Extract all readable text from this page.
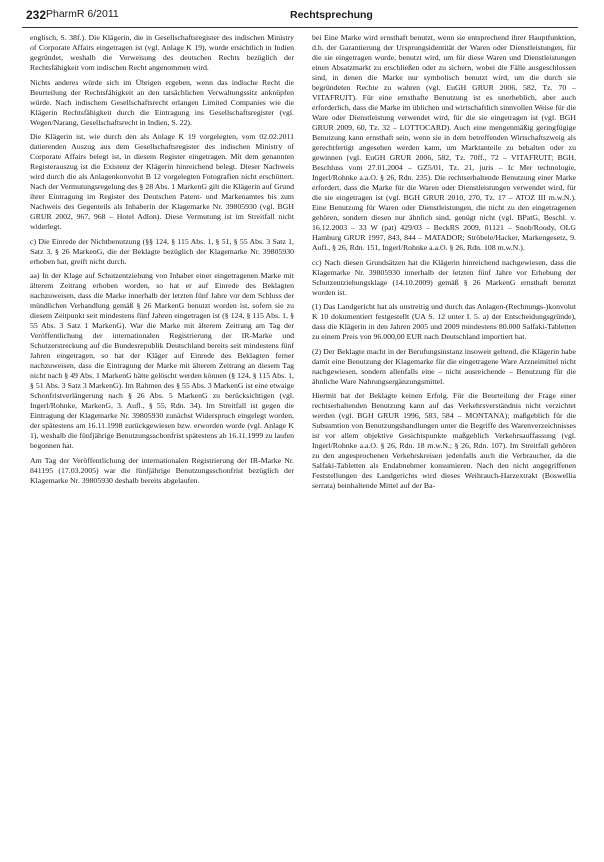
232 PharmR 6/2011	Rechtsprechung

englisch, S. 38f.). Die Klägerin, die in Gesellschaftsregister des indischen Ministry of Corporate Affairs eingetragen ist (vgl. Anlage K 19), wurde ersichtlich in Indien gegründet, weshalb die Verweisung des deutschen Rechts bezüglich der Rechtsfähigkeit vom indischen Recht angenommen wird.

Nichts anderes würde sich im Übrigen ergeben, wenn das indische Recht die Beurteilung der Rechtsfähigkeit an den tatsächlichen Verwaltungssitz anknüpfen würde. Nach indischem Gesellschaftsrecht erlangen Limited Companies wie die Klägerin Rechtsfähigkeit durch die Eintragung ins Gesellschaftsregister (vgl. Wegen/Narang, Gesellschaftsrecht in Indien, S. 22).

Die Klägerin ist, wie durch den als Anlage K 19 vorgelegten, vom 02.02.2011 datierenden Auszug aus dem Gesellschaftsregister des indischen Ministry of Corporate Affairs belegt ist, in diesem Register eingetragen. Mit dem genannten Registerauszug ist die Existenz der Klägerin hinreichend belegt. Dieser Nachweis wird durch die als Anlagenkonvolut B 12 vorgelegten Fotografien nicht erschüttert. Nach der Vermutungsregelung des § 28 Abs. 1 MarkenG gilt die Klägerin auf Grund ihrer Eintragung im Register des Deutschen Patent- und Markenamtes bis zum Nachweis des Gegenteils als Inhaberin der Klagemarke Nr. 39805930 (vgl. BGH GRUR 2002, 967, 968 – Hotel Adlon). Diese Vermutung ist im Streitfall nicht widerlegt.

c) Die Einrede der Nichtbenutzung (§§ 124, § 115 Abs. 1, § 51, § 55 Abs. 3 Satz 1, Satz 3, § 26 MarkenG, die der Beklagte bezüglich der Klagemarke Nr. 39805930 erhoben hat, greift nicht durch.

aa) In der Klage auf Schutzentziehung von Inhaber einer eingetragenen Marke mit älterem Zeitrang erhoben worden, so hat er auf Einrede des Beklagten nachzuweisen, dass die Marke innerhalb der letzten fünf Jahre vor dem Schluss der mündlichen Verhandlung gemäß § 26 MarkenG benutzt worden ist, sofern sie zu diesem Zeitpunkt seit mindestens fünf Jahren eingetragen ist (§ 124, § 115 Abs. 1, § 55 Abs. 3 Satz 1 MarkenG). War die Marke mit älterem Zeitrang am Tag der Veröffentlichung der internationalen Registrierung der IR-Marke und Schutzerstreckung auf die Bundesrepublik Deutschland bereits seit mindestens fünf Jahren eingetragen, so hat der Kläger auf Einrede des Beklagten ferner nachzuweisen, dass die Eintragung der Marke mit älterem Zeitrang an diesem Tag nicht nach § 49 Abs. 1 MarkenG hätte gelöscht werden können (§ 124, § 115 Abs. 1, § 51 Abs. 3 Satz 3 MarkenG). Im Rahmen des § 55 Abs. 3 MarkenG ist eine etwaige Schonfristverlängerung nach § 26 Abs. 5 MarkenG zu berücksichtigen (vgl. Ingerl/Rohnke, MarkenG, 3. Aufl., § 55, Rdn. 34). Im Streitfall ist gegen die Eintragung der Klagemarke Nr. 39805930 zunächst Widerspruch eingelegt worden, der spätestens am 16.11.1998 zurückgewiesen bzw. erworden wurde (vgl. Anlage K 1), weshalb die fünfjährige Benutzungsschonfrist spätestens ab 16.11.1999 zu laufen begonnen hat.

Am Tag der Veröffentlichung der internationalen Registrierung der IR-Marke Nr. 841195 (17.03.2005) war die fünfjährige Benutzungsschonfrist bezüglich der Klagemarke Nr. 39805930 deshalb bereits abgelaufen.

bei Eine Marke wird ernsthaft benutzt, wenn sie entsprechend ihrer Hauptfunktion, d.h. der Garantierung der Ursprungsidentität der Waren oder Dienstleistungen, für die sie eingetragen wurde, benutzt wird, um für diese Waren und Dienstleistungen einen Absatzmarkt zu erschließen oder zu sichern, wobei die Fälle ausgeschlossen sind, in denen die Marke nur symbolisch benutzt wird, um die durch sie begründeten Rechte zu wahren (vgl. EuGH GRUR 2006, 582, Tz. 70 – VITAFRUIT). Für eine ernsthafte Benutzung ist es unerheblich, aber auch erforderlich, dass die Marke im üblichen und wirtschaftlich sinnvollen Weise für die Ware oder Dienstleistung verwendet wird, für die sie eingetragen ist (vgl. BGH GRUR 2009, 60, Tz. 32 – LOTTOCARD). Auch eine mengenmäßig geringfügige Benutzung kann ernsthaft sein, wenn sie in dem betreffenden Wirtschaftszweig als gerechtfertigt angesehen werden kann, um Marktanteile zu behalten oder zu gewinnen (vgl. EuGH GRUR 2006, 582, Tz. 70ff., 72 – VITAFRUIT; BGH, Beschluss vom 27.01.2004 – GZ5/01, Tz. 21, juris – Ic Mer technologie, Ingerl/Rohnke a.a.O. § 26, Rdn. 235). Die rechtserhaltende Benutzung einer Marke erfordert, dass die Marke für die Waren oder Dienstleistungen verwendet wird, für die sie eingetragen ist (vgl. BGH GRUR 2010, 270, Tz. 17 – ATOZ III m.w.N.). Eine Benutzung für Waren oder Dienstleistungen, die nicht zu den eingetragenen gehören, sondern diesen nur ähnlich sind, genügt nicht (vgl. BPatG, Beschl. v. 16.12.2003 – 33 W (pat) 429/03 – BeckRS 2009, 01121 – Snob/Roody, OLG Hamburg GRUR 1997, 843, 844 – MATADOR; Ströbele/Hacker, Markengesetz, 9. Aufl., § 26, Rdn. 151, Ingerl/Rohnke a.a.O. § 26, Rdn. 108 m.w.N.).

cc) Nach diesen Grundsätzen hat die Klägerin hinreichend nachgewiesen, dass die Klagemarke Nr. 39805930 innerhalb der letzten fünf Jahre vor Erhebung der Schutzentziehungsklage (14.10.2009) gemäß § 26 MarkenG ernsthaft benutzt worden ist.

(1) Das Landgericht hat als unstreitig und durch das Anlagen-(Rechnungs-)konvolut K 10 dokumentiert festgestellt (UA S. 12 unter I. 5. a) der Entscheidungsgründe), dass die Klägerin in den Jahren 2005 und 2009 mindestens 80.000 Salfaki-Tabletten zu einem Preis von 96.000,00 EUR nach Deutschland importiert hat.

(2) Der Beklagte macht in der Berufungsinstanz insoweit geltend, die Klägerin habe damit eine Benutzung der Klagemarke für die eingetragene Ware Arzneimittel nicht nachgewiesen, sondern allenfalls eine – nicht ausreichende – Benutzung für die ähnliche Ware Nahrungsergänzungsmittel.

Hiermit hat der Beklagte keinen Erfolg. Für die Beurteilung der Frage einer rechtserhaltenden Benutzung kann auf das Verkehrsverständnis nicht verzichtet werden (vgl. BGH GRUR 1996, 583, 584 – MONTANA); maßgeblich für die Subsumtion von Benutzungshandlungen unter die Begriffe des Warenverzeichnisses ist vor allem objektive Gesichtspunkte maßgeblich Verkehrsauffassung (vgl. Ingerl/Rohnke a.a.O. § 26, Rdn. 18 m.w.N.; § 26, Rdn. 107). Im Streitfall gehören zu den angesprochenen Verkehrskreisen jedenfalls auch die Verbraucher, da die Salfaki-Tabletten als Endabnehmer konsumieren. Nach den nicht angegriffenen Feststellungen des Landgerichts wird dieses Weihrauch-Harzextrakt (Boswellia serrata) beinhaltende Mittel auf der Ba-
